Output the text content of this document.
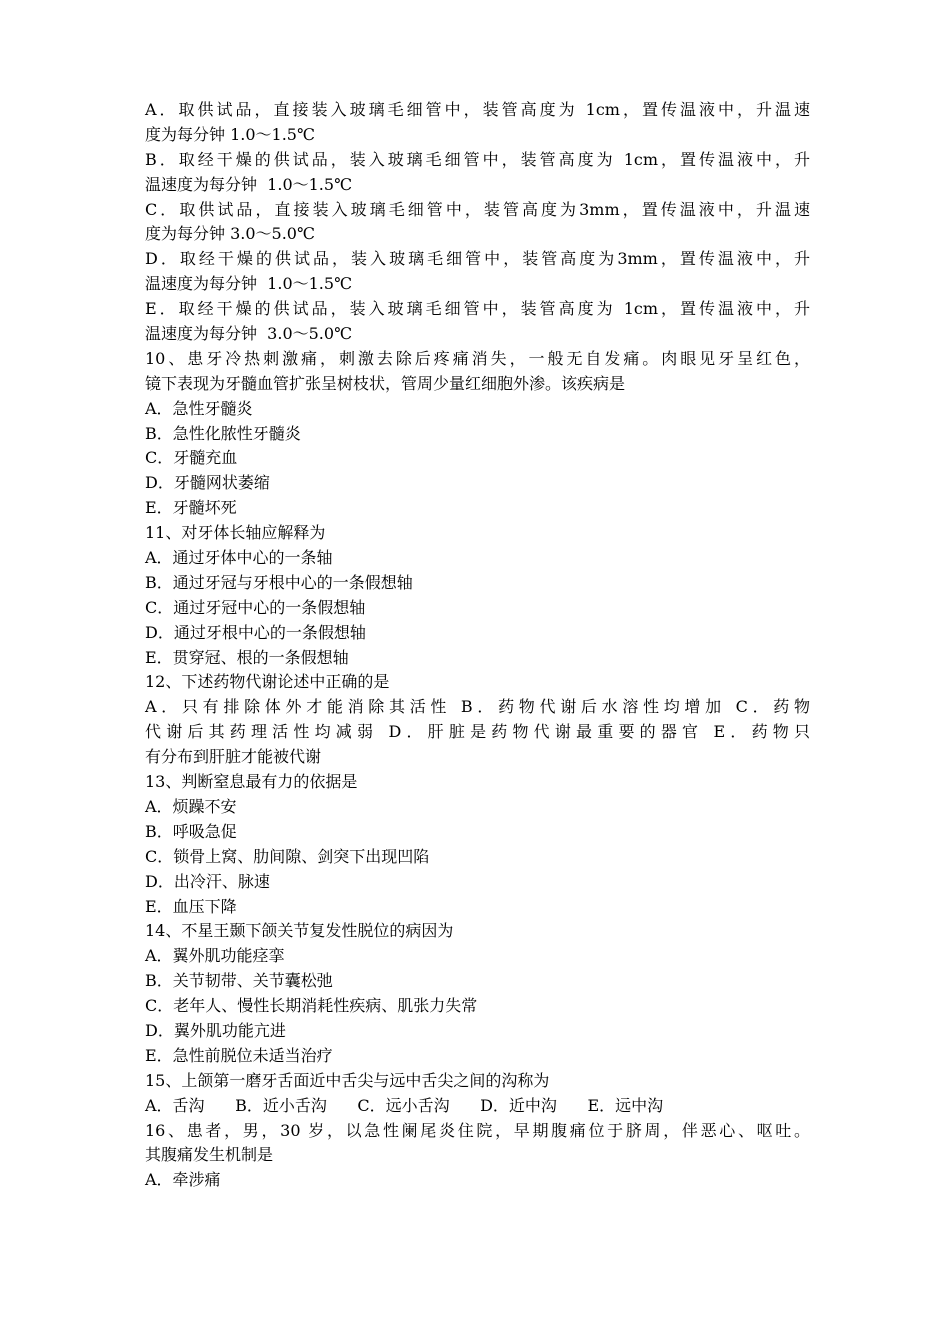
A．取供试品，直接装入玻璃毛细管中，装管高度为 1cm，置传温液中，升温速
度为每分钟 1.0～1.5℃
B．取经干燥的供试品，装入玻璃毛细管中，装管高度为 1cm，置传温液中，升
温速度为每分钟  1.0～1.5℃
C．取供试品，直接装入玻璃毛细管中，装管高度为3mm，置传温液中，升温速
度为每分钟 3.0～5.0℃
D．取经干燥的供试品，装入玻璃毛细管中，装管高度为3mm，置传温液中，升
温速度为每分钟  1.0～1.5℃
E．取经干燥的供试品，装入玻璃毛细管中，装管高度为 1cm，置传温液中，升
温速度为每分钟  3.0～5.0℃
10、患牙冷热刺激痛，刺激去除后疼痛消失，一般无自发痛。肉眼见牙呈红色，
镜下表现为牙髓血管扩张呈树枝状，管周少量红细胞外渗。该疾病是
A．急性牙髓炎
B．急性化脓性牙髓炎
C．牙髓充血
D．牙髓网状萎缩
E．牙髓坏死
11、对牙体长轴应解释为
A．通过牙体中心的一条轴
B．通过牙冠与牙根中心的一条假想轴
C．通过牙冠中心的一条假想轴
D．通过牙根中心的一条假想轴
E．贯穿冠、根的一条假想轴
12、下述药物代谢论述中正确的是
A．只有排除体外才能消除其活性 B．药物代谢后水溶性均增加 C．药物
代谢后其药理活性均减弱 D．肝脏是药物代谢最重要的器官 E．药物只
有分布到肝脏才能被代谢
13、判断窒息最有力的依据是
A．烦躁不安
B．呼吸急促
C．锁骨上窝、肋间隙、剑突下出现凹陷
D．出冷汗、脉速
E．血压下降
14、不星王颞下颌关节复发性脱位的病因为
A．翼外肌功能痉挛
B．关节韧带、关节囊松弛
C．老年人、慢性长期消耗性疾病、肌张力失常
D．翼外肌功能亢进
E．急性前脱位未适当治疗
15、上颌第一磨牙舌面近中舌尖与远中舌尖之间的沟称为
A．舌沟      B．近小舌沟      C．远小舌沟      D．近中沟      E．远中沟
16、患者，男，30 岁，以急性阑尾炎住院，早期腹痛位于脐周，伴恶心、呕吐。
其腹痛发生机制是
A．牵涉痛
